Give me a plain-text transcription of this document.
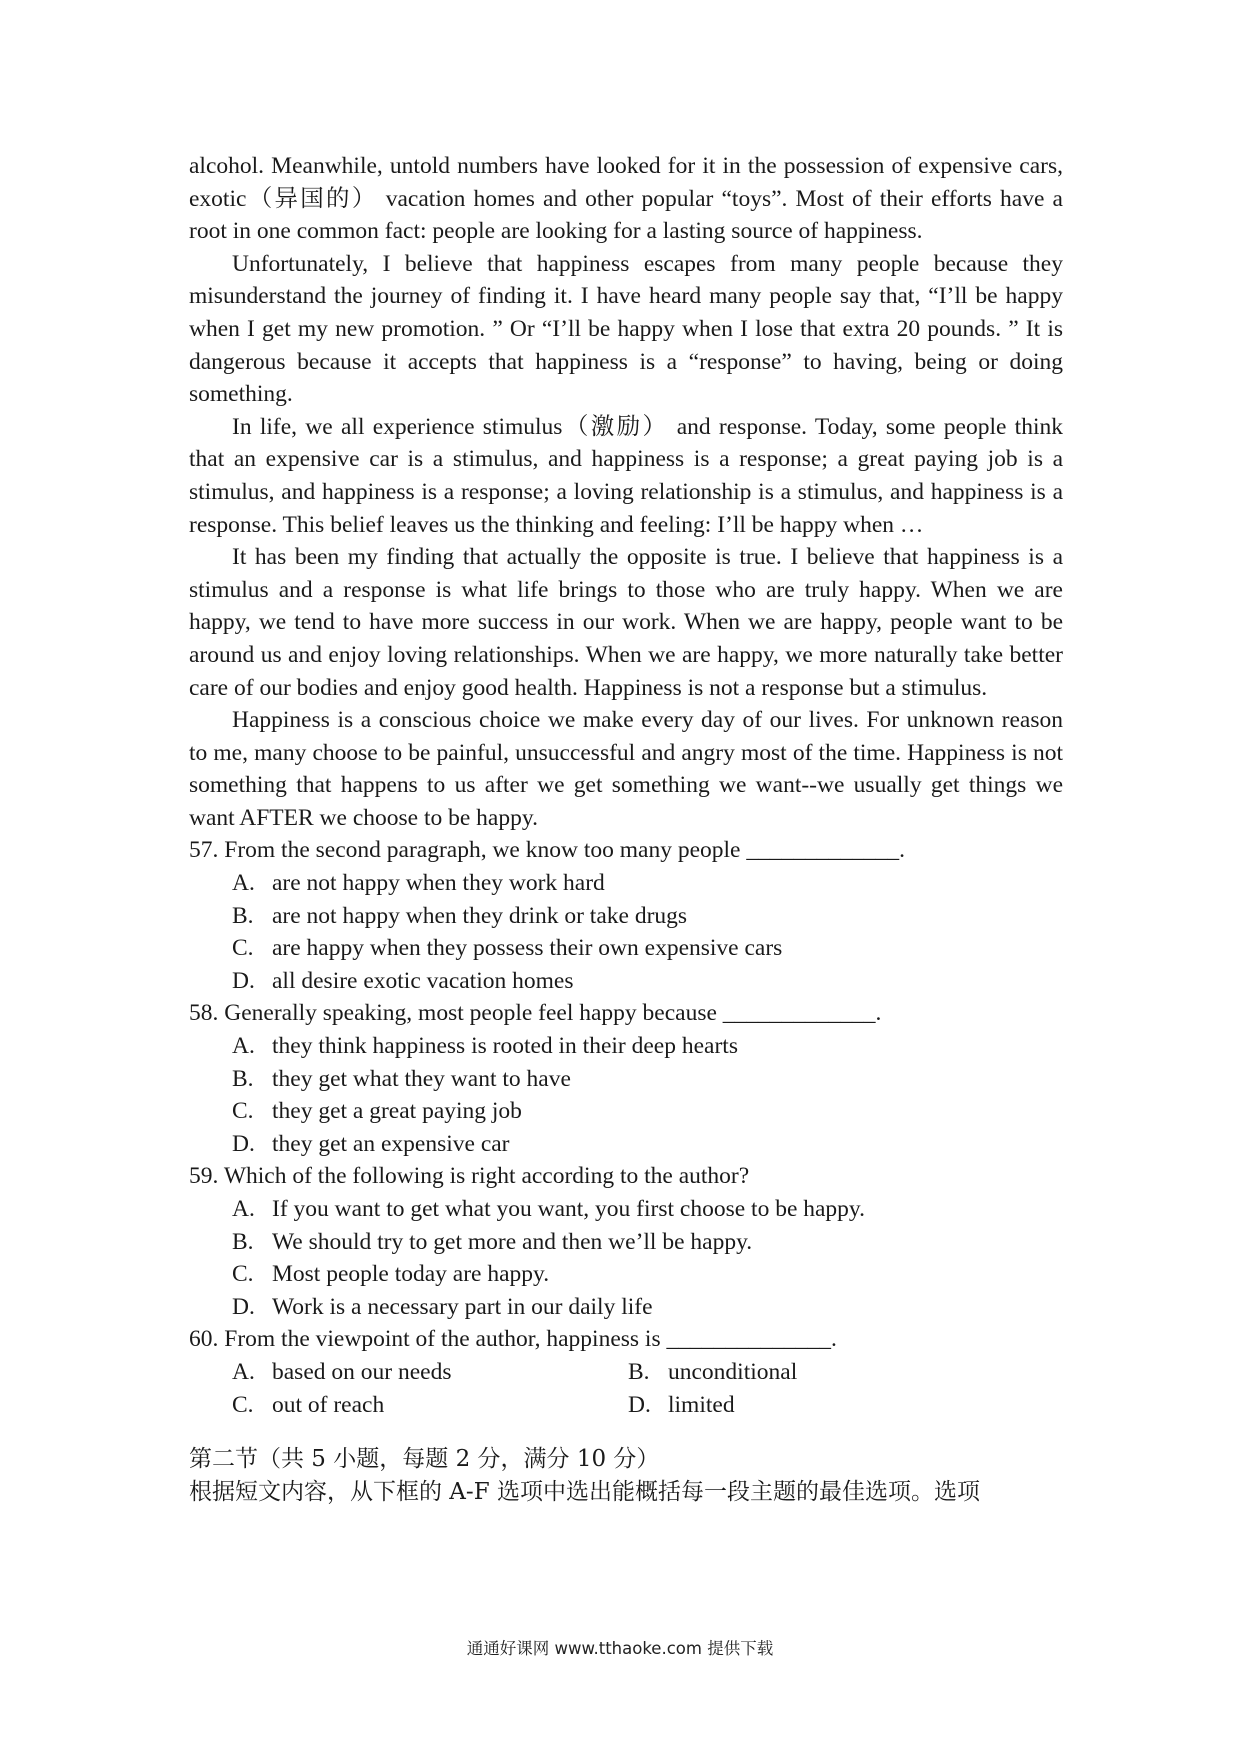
alcohol. Meanwhile, untold numbers have looked for it in the possession of expensive cars, exotic（异国的） vacation homes and other popular “toys”. Most of their efforts have a root in one common fact: people are looking for a lasting source of happiness.

Unfortunately, I believe that happiness escapes from many people because they misunderstand the journey of finding it. I have heard many people say that, “I’ll be happy when I get my new promotion. ” Or “I’ll be happy when I lose that extra 20 pounds. ” It is dangerous because it accepts that happiness is a “response” to having, being or doing something.

In life, we all experience stimulus（激励） and response. Today, some people think that an expensive car is a stimulus, and happiness is a response; a great paying job is a stimulus, and happiness is a response; a loving relationship is a stimulus, and happiness is a response. This belief leaves us the thinking and feeling: I’ll be happy when …

It has been my finding that actually the opposite is true. I believe that happiness is a stimulus and a response is what life brings to those who are truly happy. When we are happy, we tend to have more success in our work. When we are happy, people want to be around us and enjoy loving relationships. When we are happy, we more naturally take better care of our bodies and enjoy good health. Happiness is not a response but a stimulus.

Happiness is a conscious choice we make every day of our lives. For unknown reason to me, many choose to be painful, unsuccessful and angry most of the time. Happiness is not something that happens to us after we get something we want--we usually get things we want AFTER we choose to be happy.

57. From the second paragraph, we know too many people _____________.

A. are not happy when they work hard

B. are not happy when they drink or take drugs

C. are happy when they possess their own expensive cars

D. all desire exotic vacation homes

58. Generally speaking, most people feel happy because _____________.

A. they think happiness is rooted in their deep hearts

B. they get what they want to have

C. they get a great paying job

D. they get an expensive car

59. Which of the following is right according to the author?

A. If you want to get what you want, you first choose to be happy.

B. We should try to get more and then we’ll be happy.

C. Most people today are happy.

D. Work is a necessary part in our daily life

60. From the viewpoint of the author, happiness is ______________.

A. based on our needs	B. unconditional
C. out of reach	D. limited
第二节（共 5 小题，每题 2 分，满分 10 分）
根据短文内容，从下框的 A-F 选项中选出能概括每一段主题的最佳选项。选项
通通好课网 www.tthaoke.com 提供下载
